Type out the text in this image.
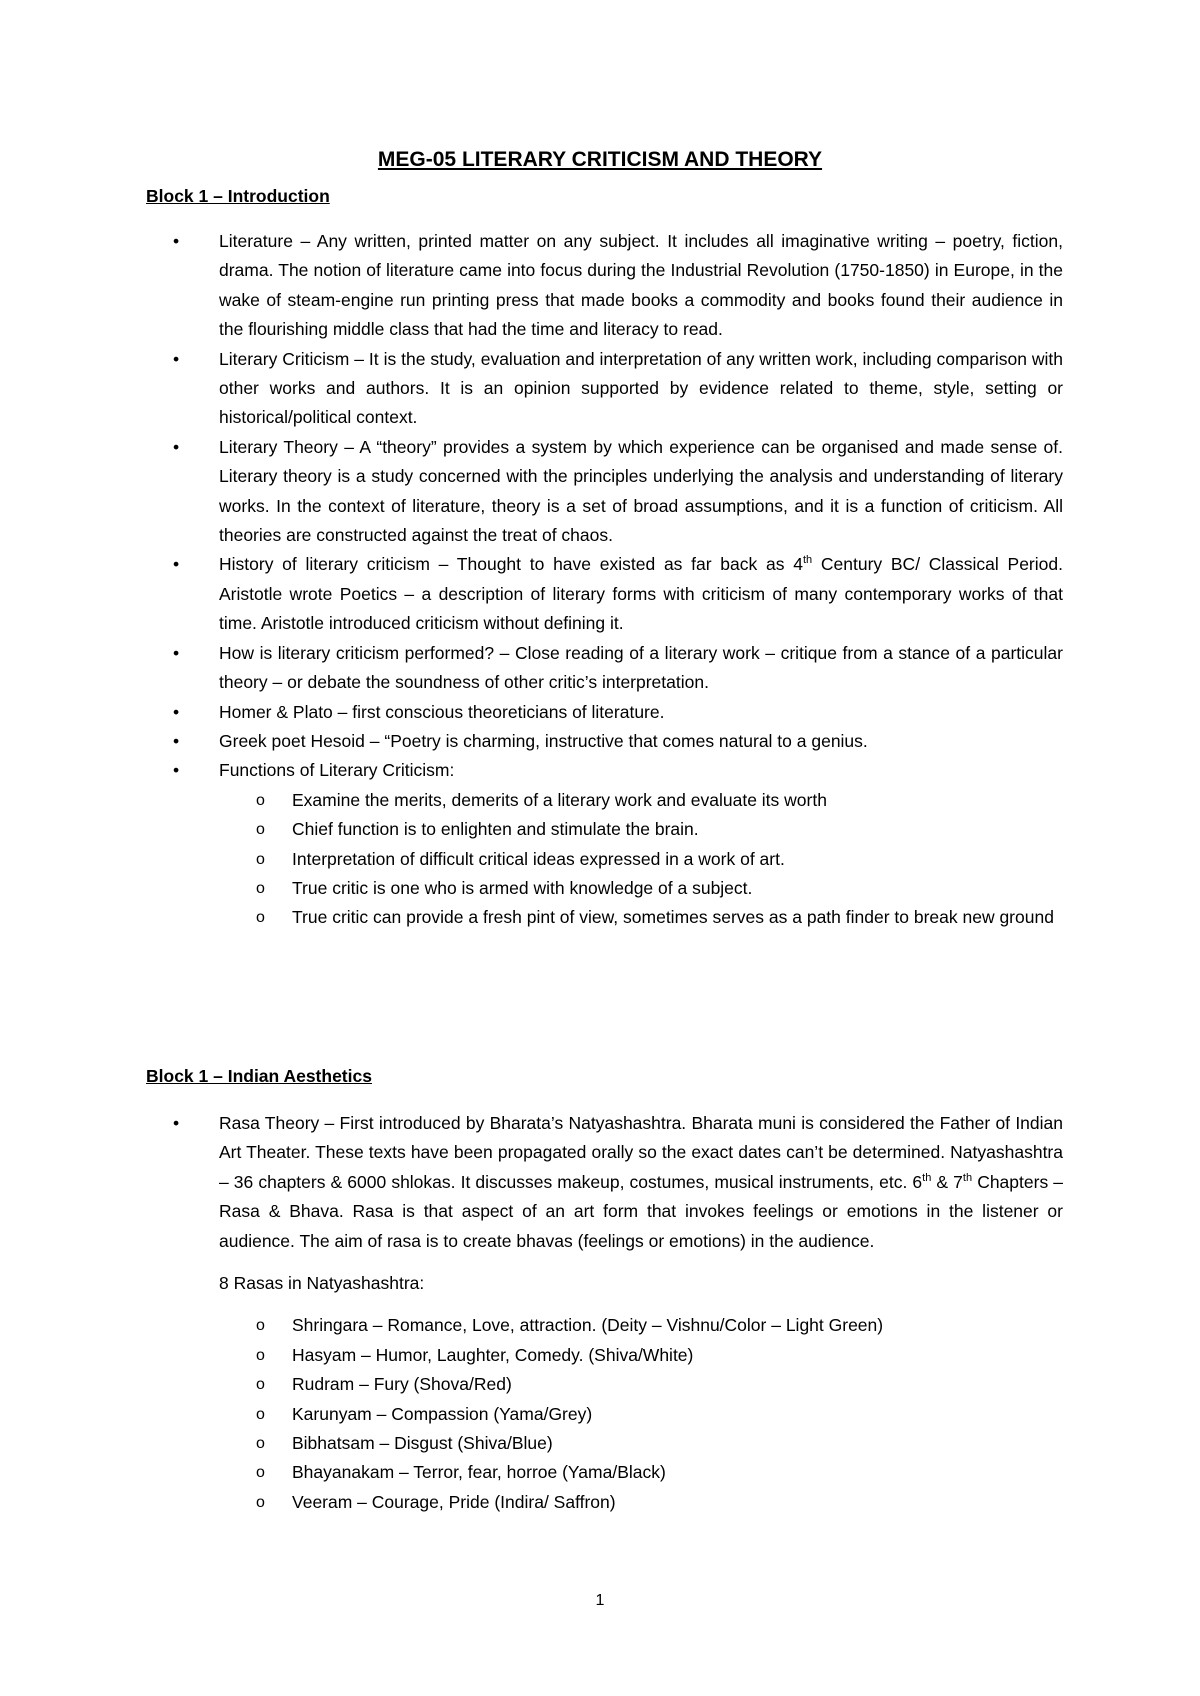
MEG-05 LITERARY CRITICISM AND THEORY
Block 1 – Introduction
• Literature – Any written, printed matter on any subject. It includes all imaginative writing – poetry, fiction, drama. The notion of literature came into focus during the Industrial Revolution (1750-1850) in Europe, in the wake of steam-engine run printing press that made books a commodity and books found their audience in the flourishing middle class that had the time and literacy to read.
• Literary Criticism – It is the study, evaluation and interpretation of any written work, including comparison with other works and authors. It is an opinion supported by evidence related to theme, style, setting or historical/political context.
• Literary Theory – A “theory” provides a system by which experience can be organised and made sense of. Literary theory is a study concerned with the principles underlying the analysis and understanding of literary works. In the context of literature, theory is a set of broad assumptions, and it is a function of criticism. All theories are constructed against the treat of chaos.
• History of literary criticism – Thought to have existed as far back as 4th Century BC/ Classical Period. Aristotle wrote Poetics – a description of literary forms with criticism of many contemporary works of that time. Aristotle introduced criticism without defining it.
• How is literary criticism performed? – Close reading of a literary work – critique from a stance of a particular theory – or debate the soundness of other critic’s interpretation.
• Homer & Plato – first conscious theoreticians of literature.
• Greek poet Hesoid – “Poetry is charming, instructive that comes natural to a genius.
• Functions of Literary Criticism:
o Examine the merits, demerits of a literary work and evaluate its worth
o Chief function is to enlighten and stimulate the brain.
o Interpretation of difficult critical ideas expressed in a work of art.
o True critic is one who is armed with knowledge of a subject.
o True critic can provide a fresh pint of view, sometimes serves as a path finder to break new ground
Block 1 – Indian Aesthetics

• Rasa Theory – First introduced by Bharata’s Natyashashtra. Bharata muni is considered the Father of Indian Art Theater. These texts have been propagated orally so the exact dates can’t be determined. Natyashashtra – 36 chapters & 6000 shlokas. It discusses makeup, costumes, musical instruments, etc. 6th & 7th Chapters – Rasa & Bhava. Rasa is that aspect of an art form that invokes feelings or emotions in the listener or audience. The aim of rasa is to create bhavas (feelings or emotions) in the audience.

8 Rasas in Natyashashtra:

o Shringara – Romance, Love, attraction. (Deity – Vishnu/Color – Light Green)
o Hasyam – Humor, Laughter, Comedy. (Shiva/White)
o Rudram – Fury (Shova/Red)
o Karunyam – Compassion (Yama/Grey)
o Bibhatsam – Disgust (Shiva/Blue)
o Bhayanakam – Terror, fear, horroe (Yama/Black)
o Veeram – Courage, Pride (Indira/ Saffron)
1
